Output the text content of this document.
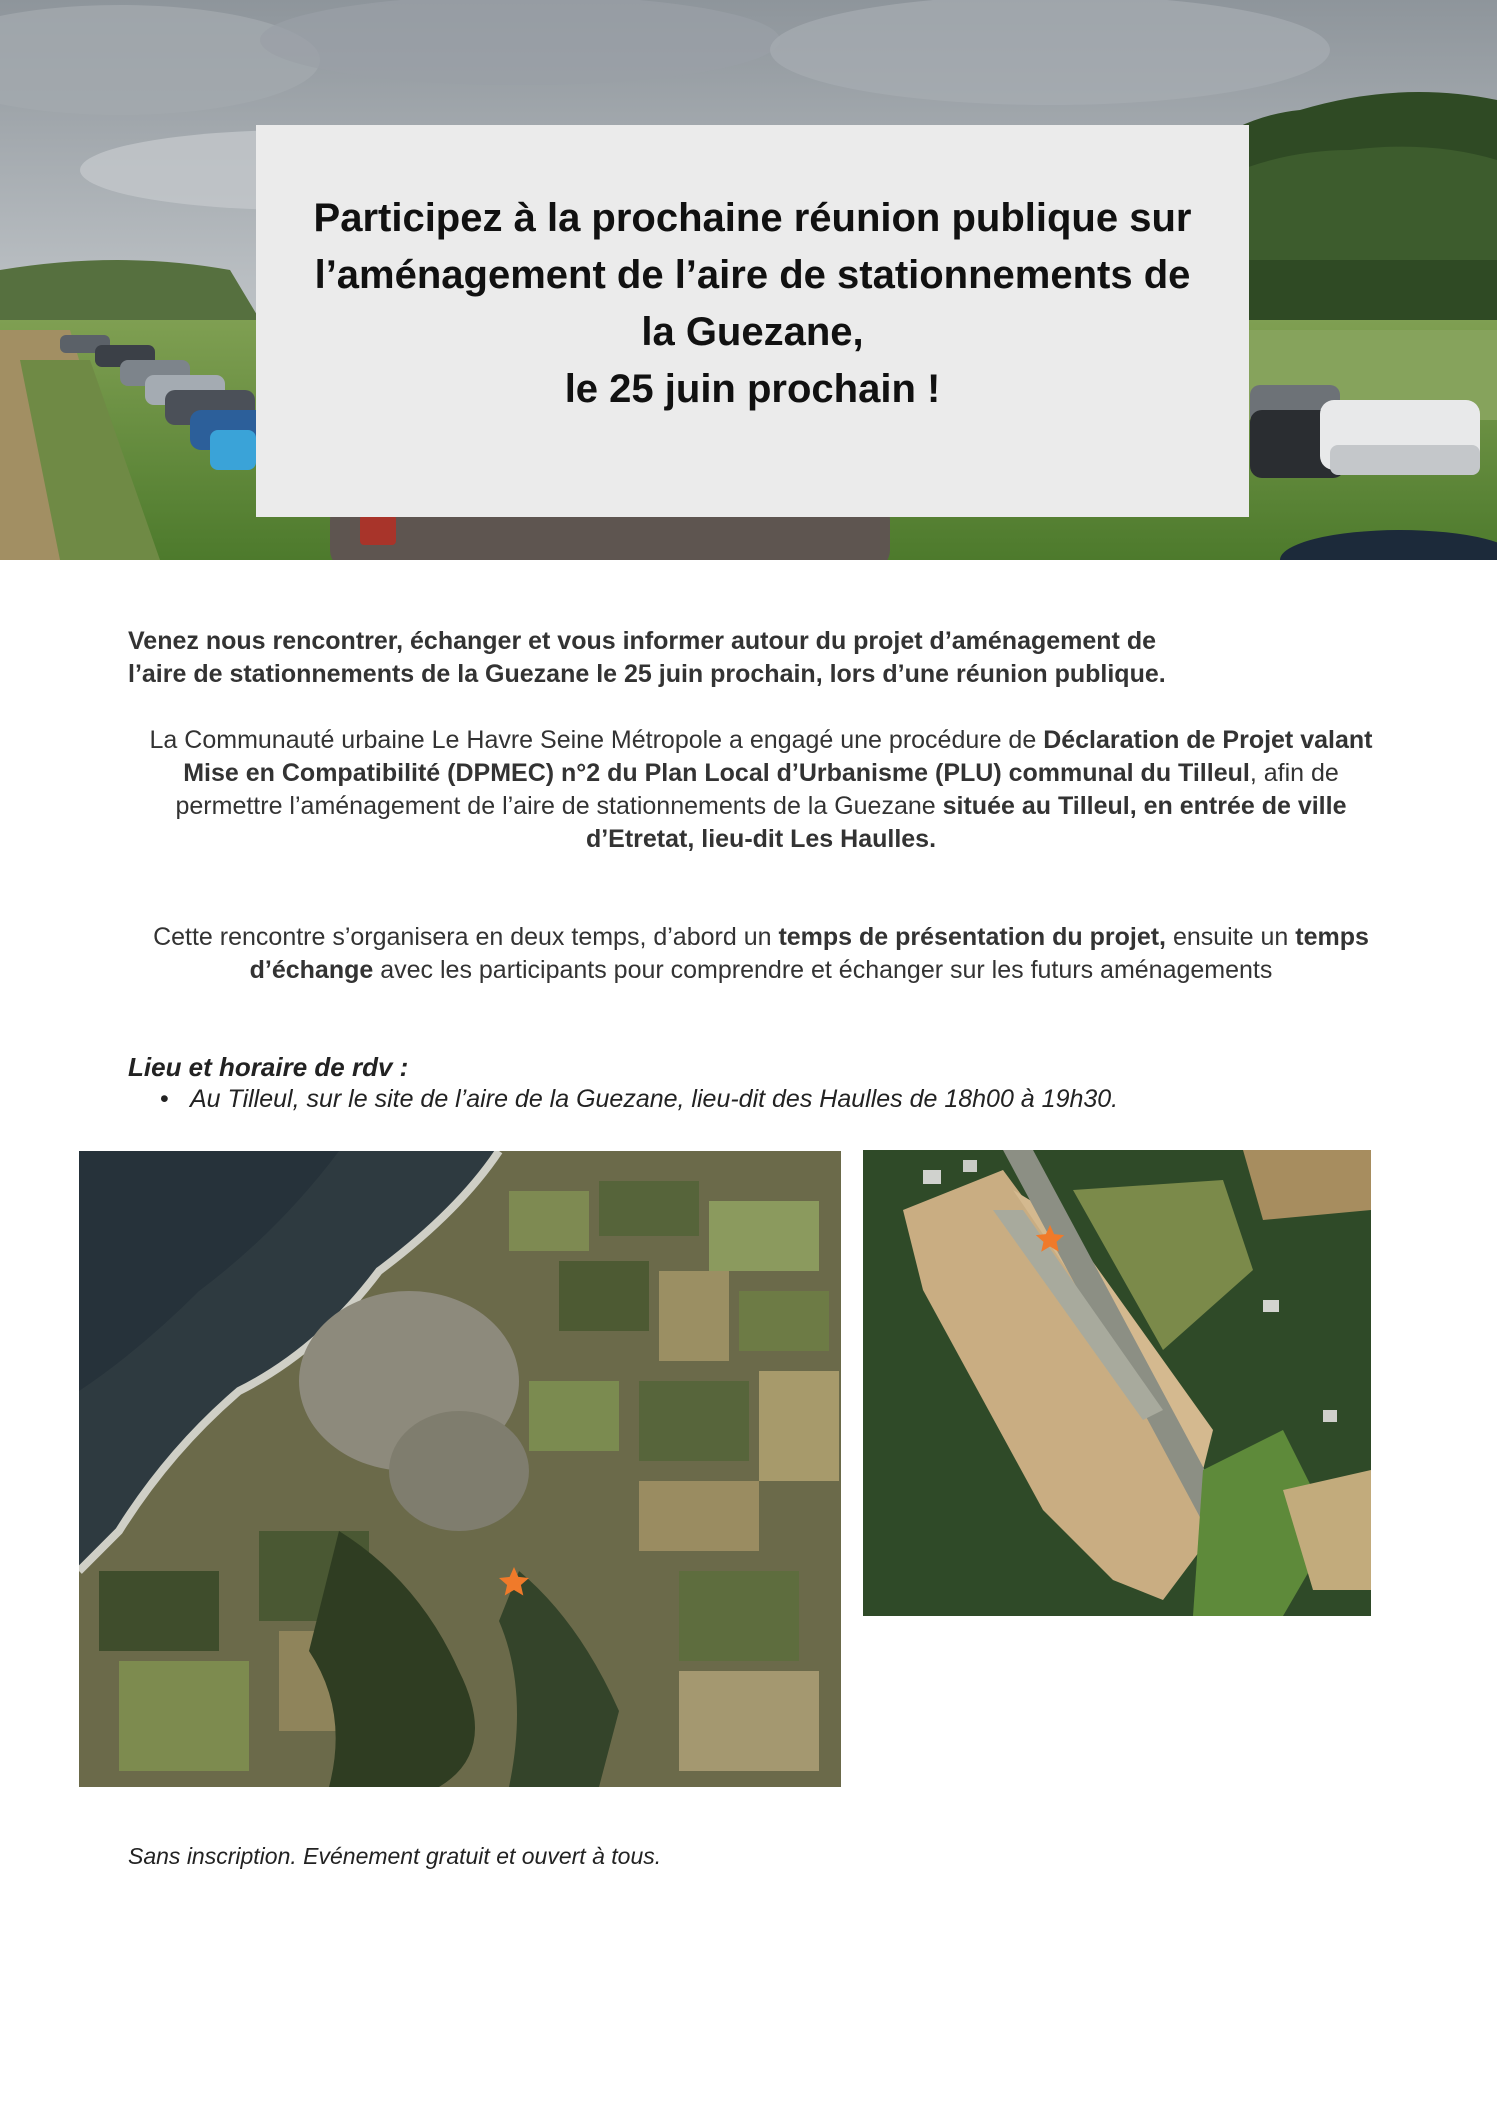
Participez à la prochaine réunion publique sur
l’aménagement de l’aire de stationnements de
la Guezane,
le 25 juin prochain !
Venez nous rencontrer, échanger et vous informer autour du projet d’aménagement de
l’aire de stationnements de la Guezane le 25 juin prochain, lors d’une réunion publique.
La Communauté urbaine Le Havre Seine Métropole a engagé une procédure de Déclaration de Projet valant Mise en Compatibilité (DPMEC) n°2 du Plan Local d’Urbanisme (PLU) communal du Tilleul, afin de permettre l’aménagement de l’aire de stationnements de la Guezane située au Tilleul, en entrée de ville d’Etretat, lieu-dit Les Haulles.
Cette rencontre s’organisera en deux temps, d’abord un temps de présentation du projet, ensuite un temps d’échange avec les participants pour comprendre et échanger sur les futurs aménagements
Lieu et horaire de rdv :
• Au Tilleul, sur le site de l’aire de la Guezane, lieu-dit des Haulles de 18h00 à 19h30.
Sans inscription. Evénement gratuit et ouvert à tous.
